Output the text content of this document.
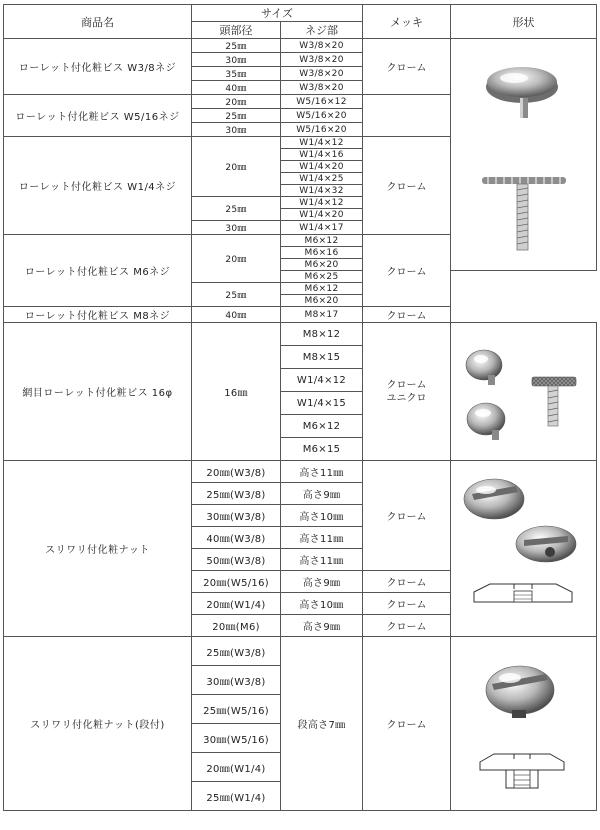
商品名	サイズ		メッキ	形状
	頭部径	ネジ部		
ローレット付化粧ビス W3/8ネジ	25㎜	W3/8×20	クローム	

	30㎜	W3/8×20		
	35㎜	W3/8×20		
	40㎜	W3/8×20		
ローレット付化粧ビス W5/16ネジ	20㎜	W5/16×12		
	25㎜	W5/16×20		
	30㎜	W5/16×20		
ローレット付化粧ビス W1/4ネジ	20㎜	W1/4×12	クローム	
		W1/4×16		
		W1/4×20		
		W1/4×25		
		W1/4×32		
	25㎜	W1/4×12		
		W1/4×20		
	30㎜	W1/4×17		
ローレット付化粧ビス M6ネジ	20㎜	M6×12	クローム	
		M6×16		
		M6×20		
		M6×25		
	25㎜	M6×12		
		M6×20		
ローレット付化粧ビス M8ネジ	40㎜	M8×17	クローム	
網目ローレット付化粧ビス 16φ	16㎜	M8×12	クローム
ユニクロ

		M8×15		
		W1/4×12		
		W1/4×15		
		M6×12		
		M6×15		
スリワリ付化粧ナット	20㎜(W3/8)	高さ11㎜	クローム	

	25㎜(W3/8)	高さ9㎜		
	30㎜(W3/8)	高さ10㎜		
	40㎜(W3/8)	高さ11㎜		
	50㎜(W3/8)	高さ11㎜		
	20㎜(W5/16)	高さ9㎜	クローム	
	20㎜(W1/4)	高さ10㎜	クローム	
	20㎜(M6)	高さ9㎜	クローム	
スリワリ付化粧ナット(段付)	25㎜(W3/8)	段高さ7㎜	クローム	

	30㎜(W3/8)			
	25㎜(W5/16)			
	30㎜(W5/16)			
	20㎜(W1/4)			
	25㎜(W1/4)			
